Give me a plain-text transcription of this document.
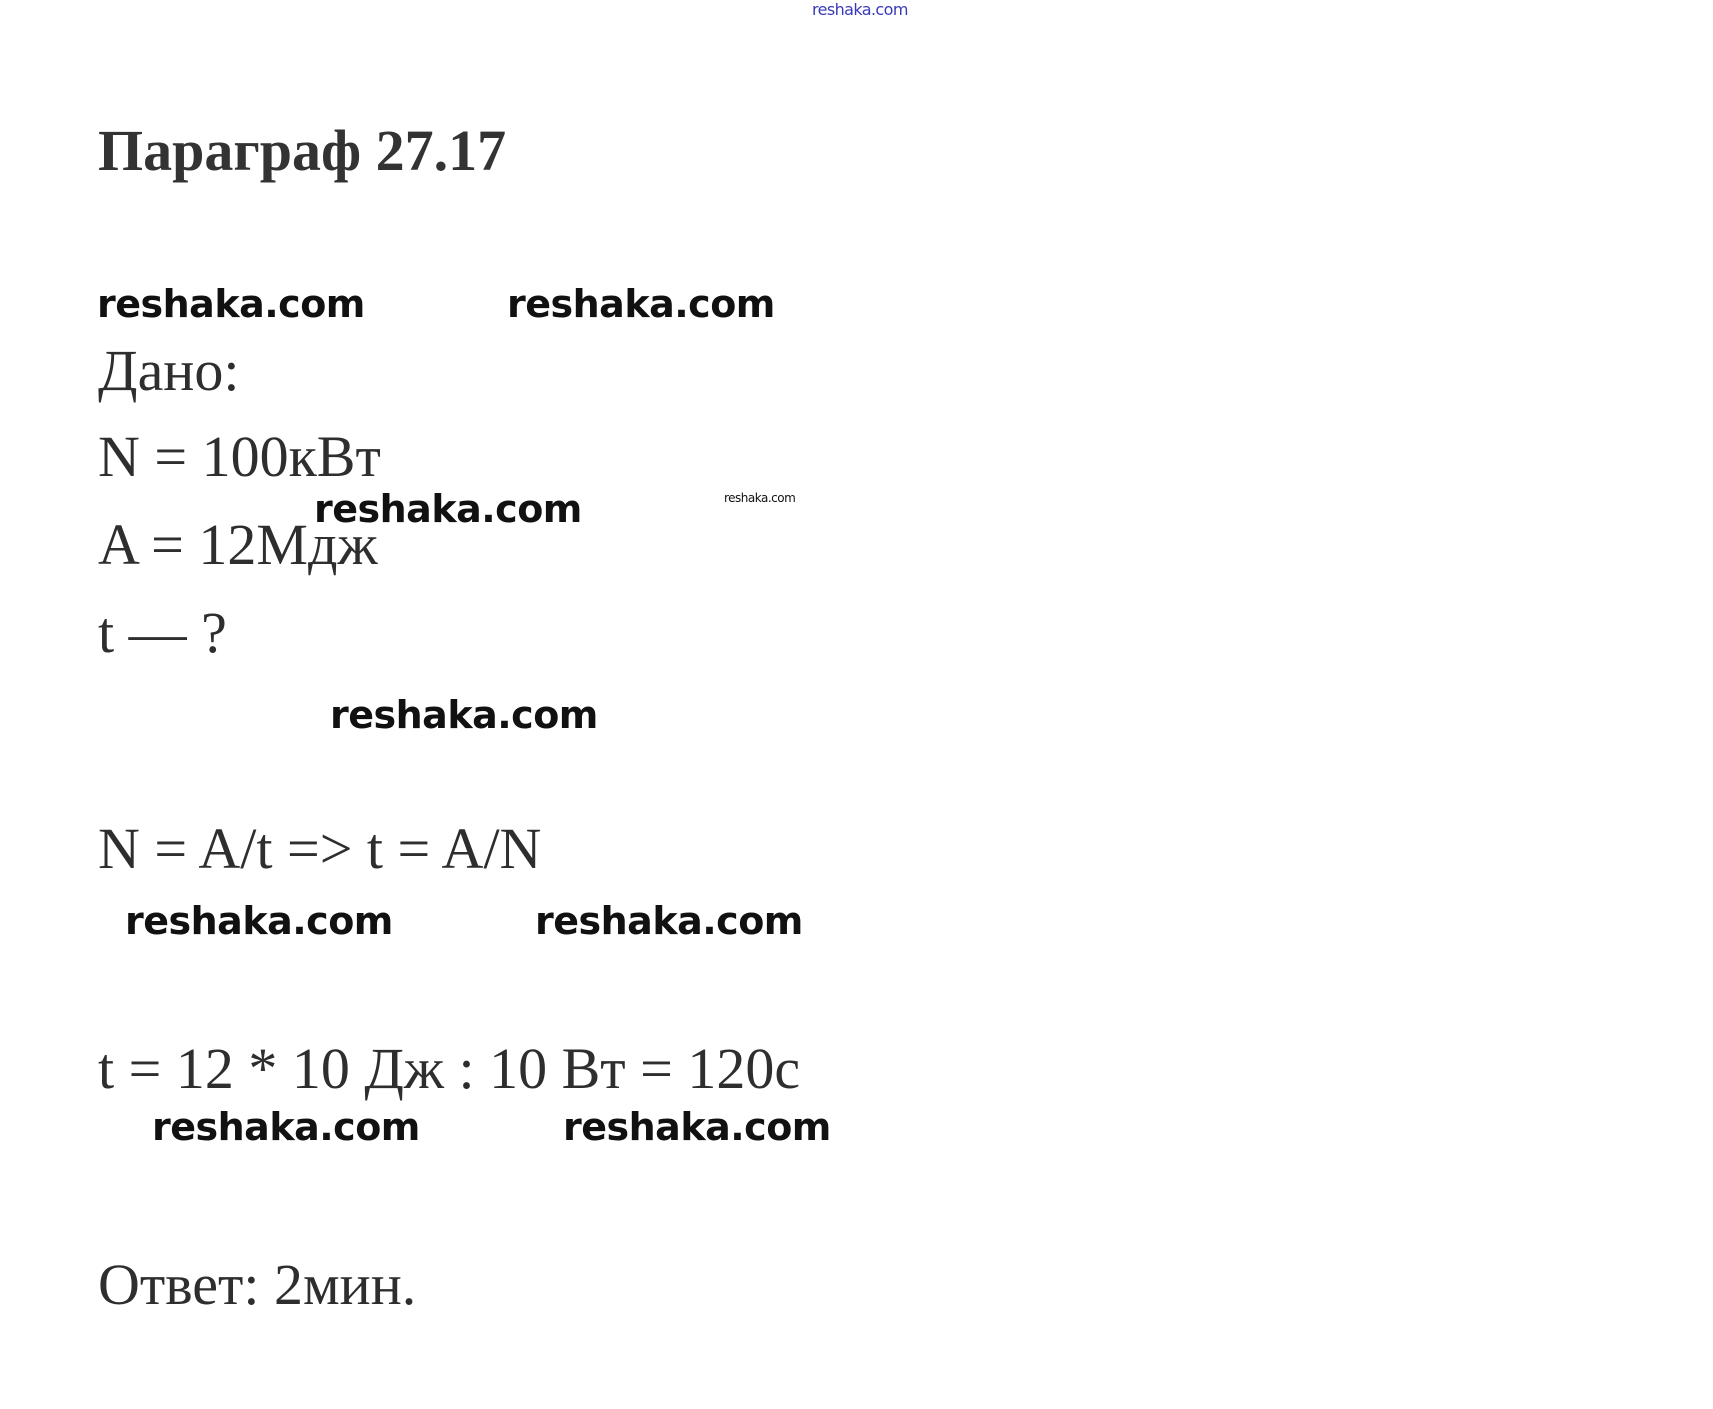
reshaka.com
Параграф 27.17
reshaka.com	reshaka.com
Дано:
N = 100кВт
reshaka.com	reshaka.com
A = 12Мдж
t — ?
reshaka.com
N = A/t => t = A/N
reshaka.com	reshaka.com
t = 12 * 10 Дж : 10 Вт = 120с
reshaka.com	reshaka.com
Ответ: 2мин.
